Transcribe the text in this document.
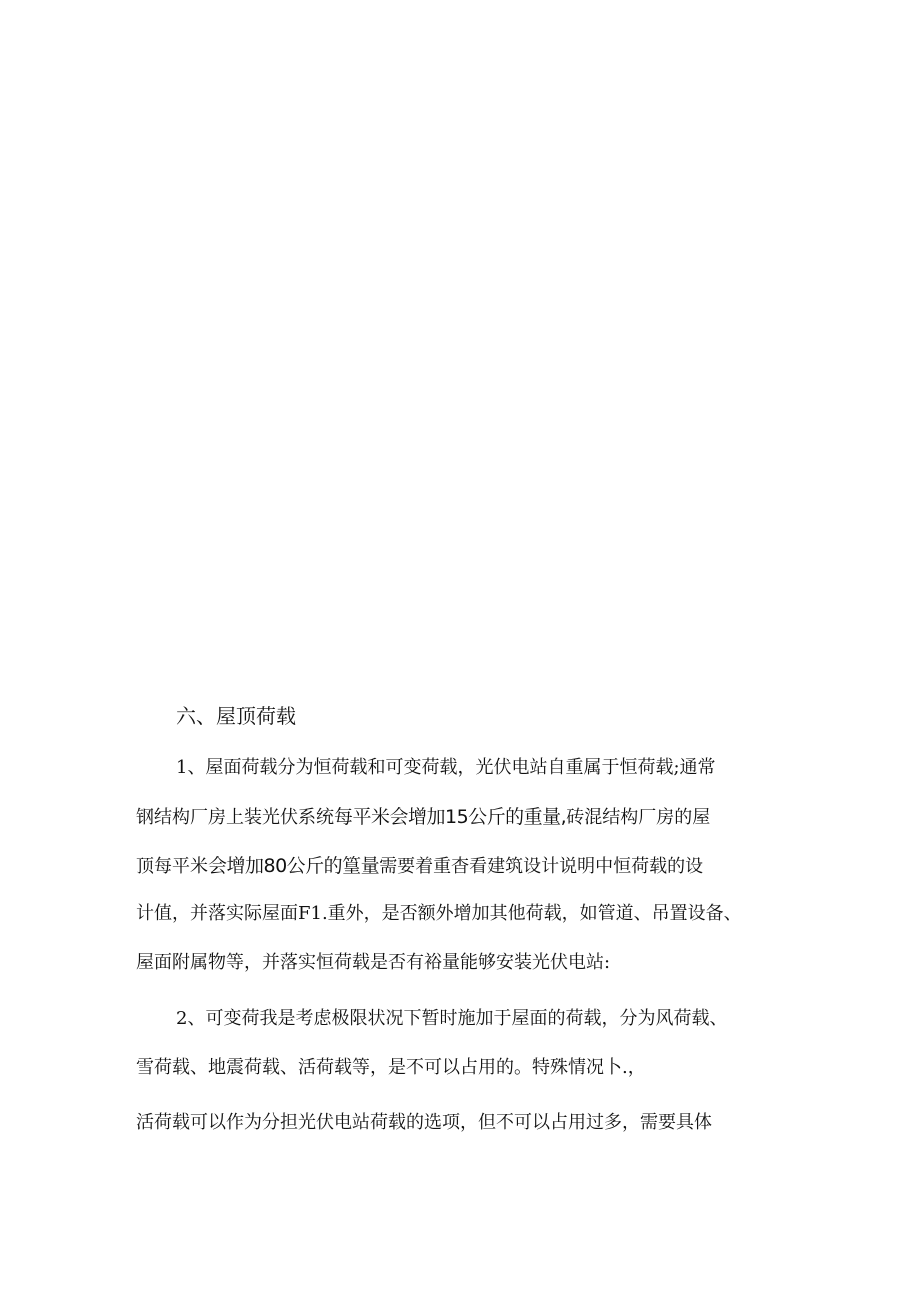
六、屋顶荷载

1、屋面荷载分为恒荷载和可变荷载，光伏电站自重属于恒荷载;通常

钢结构厂房上装光伏系统每平米会增加15公斤的重量,砖混结构厂房的屋

顶每平米会增加80公斤的篁量需要着重杳看建筑设计说明中恒荷载的设

计值，并落实际屋面F1.重外，是否额外增加其他荷载，如管道、吊置设备、

屋面附属物等，并落实恒荷载是否有裕量能够安装光伏电站:

2、可变荷我是考虑极限状况下暂时施加于屋面的荷载，分为风荷载、

雪荷载、地震荷载、活荷载等，是不可以占用的。特殊情况卜.，

活荷载可以作为分担光伏电站荷载的选项，但不可以占用过多，需要具体
